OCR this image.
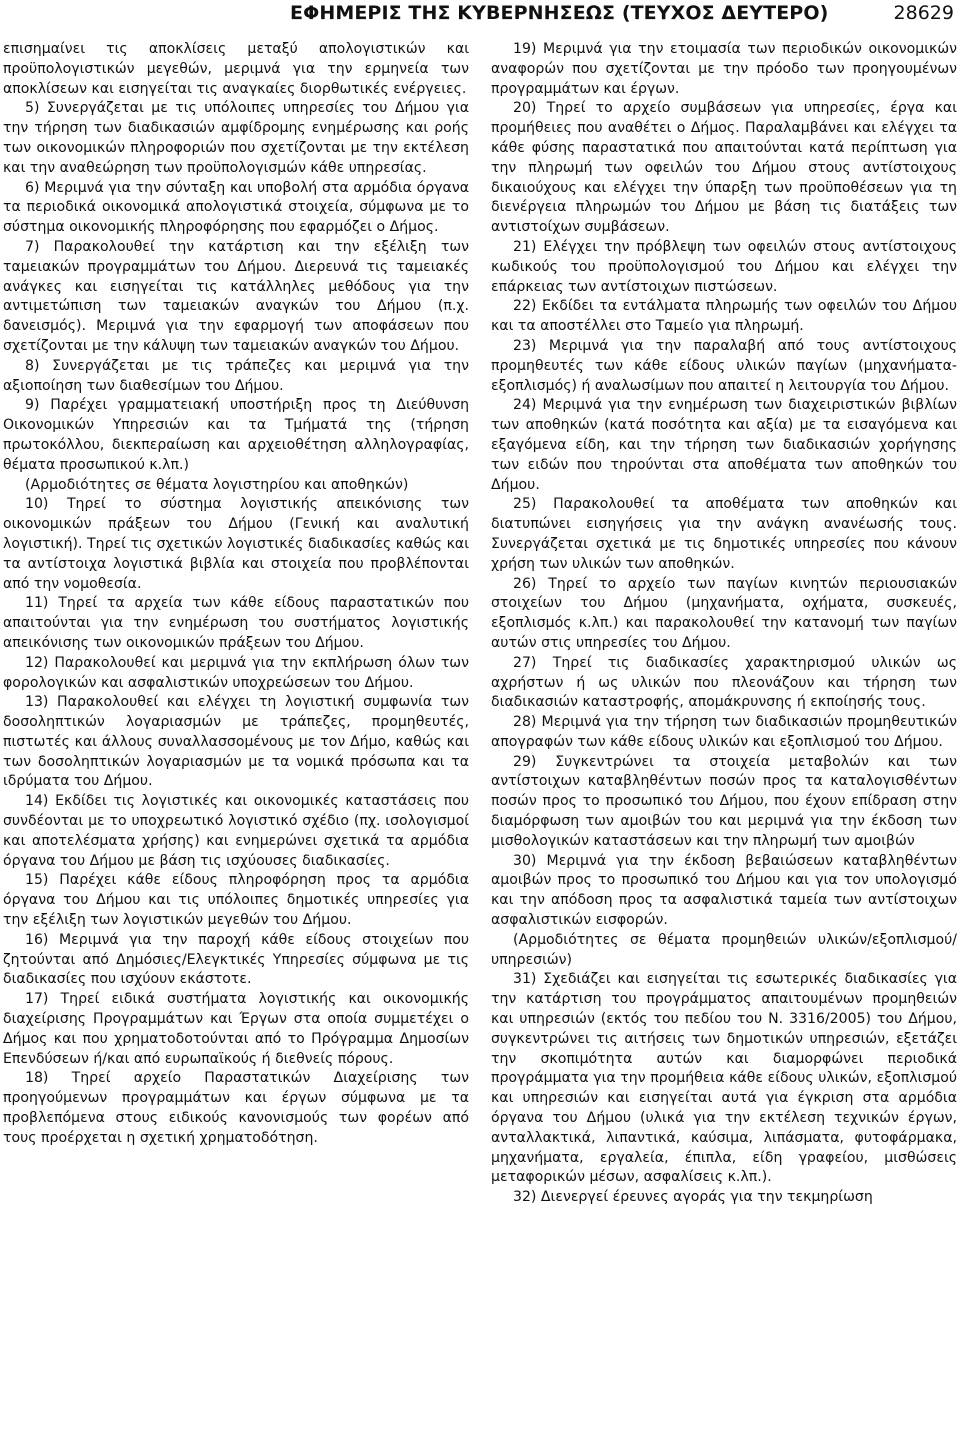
ΕΦΗΜΕΡΙΣ ΤΗΣ ΚΥΒΕΡΝΗΣΕΩΣ (ΤΕΥΧΟΣ ΔΕΥΤΕΡΟ)	28629

επισημαίνει τις αποκλίσεις μεταξύ απολογιστικών και προϋπολογιστικών μεγεθών, μεριμνά για την ερμηνεία των αποκλίσεων και εισηγείται τις αναγκαίες διορθωτικές ενέργειες.

5) Συνεργάζεται με τις υπόλοιπες υπηρεσίες του Δήμου για την τήρηση των διαδικασιών αμφίδρομης ενημέρωσης και ροής των οικονομικών πληροφοριών που σχετίζονται με την εκτέλεση και την αναθεώρηση των προϋπολογισμών κάθε υπηρεσίας.

6) Μεριμνά για την σύνταξη και υποβολή στα αρμόδια όργανα τα περιοδικά οικονομικά απολογιστικά στοιχεία, σύμφωνα με το σύστημα οικονομικής πληροφόρησης που εφαρμόζει ο Δήμος.

7) Παρακολουθεί την κατάρτιση και την εξέλιξη των ταμειακών προγραμμάτων του Δήμου. Διερευνά τις ταμειακές ανάγκες και εισηγείται τις κατάλληλες μεθόδους για την αντιμετώπιση των ταμειακών αναγκών του Δήμου (π.χ. δανεισμός). Μεριμνά για την εφαρμογή των αποφάσεων που σχετίζονται με την κάλυψη των ταμειακών αναγκών του Δήμου.

8) Συνεργάζεται με τις τράπεζες και μεριμνά για την αξιοποίηση των διαθεσίμων του Δήμου.

9) Παρέχει γραμματειακή υποστήριξη προς τη Διεύθυνση Οικονομικών Υπηρεσιών και τα Τμήματά της (τήρηση πρωτοκόλλου, διεκπεραίωση και αρχειοθέτηση αλληλογραφίας, θέματα προσωπικού κ.λπ.)

(Αρμοδιότητες σε θέματα λογιστηρίου και αποθηκών)

10) Τηρεί το σύστημα λογιστικής απεικόνισης των οικονομικών πράξεων του Δήμου (Γενική και αναλυτική λογιστική). Τηρεί τις σχετικών λογιστικές διαδικασίες καθώς και τα αντίστοιχα λογιστικά βιβλία και στοιχεία που προβλέπονται από την νομοθεσία.

11) Τηρεί τα αρχεία των κάθε είδους παραστατικών που απαιτούνται για την ενημέρωση του συστήματος λογιστικής απεικόνισης των οικονομικών πράξεων του Δήμου.

12) Παρακολουθεί και μεριμνά για την εκπλήρωση όλων των φορολογικών και ασφαλιστικών υποχρεώσεων του Δήμου.

13) Παρακολουθεί και ελέγχει τη λογιστική συμφωνία των δοσοληπτικών λογαριασμών με τράπεζες, προμηθευτές, πιστωτές και άλλους συναλλασσομένους με τον Δήμο, καθώς και των δοσοληπτικών λογαριασμών με τα νομικά πρόσωπα και τα ιδρύματα του Δήμου.

14) Εκδίδει τις λογιστικές και οικονομικές καταστάσεις που συνδέονται με το υποχρεωτικό λογιστικό σχέδιο (πχ. ισολογισμοί και αποτελέσματα χρήσης) και ενημερώνει σχετικά τα αρμόδια όργανα του Δήμου με βάση τις ισχύουσες διαδικασίες.

15) Παρέχει κάθε είδους πληροφόρηση προς τα αρμόδια όργανα του Δήμου και τις υπόλοιπες δημοτικές υπηρεσίες για την εξέλιξη των λογιστικών μεγεθών του Δήμου.

16) Μεριμνά για την παροχή κάθε είδους στοιχείων που ζητούνται από Δημόσιες/Ελεγκτικές Υπηρεσίες σύμφωνα με τις διαδικασίες που ισχύουν εκάστοτε.

17) Τηρεί ειδικά συστήματα λογιστικής και οικονομικής διαχείρισης Προγραμμάτων και Έργων στα οποία συμμετέχει ο Δήμος και που χρηματοδοτούνται από το Πρόγραμμα Δημοσίων Επενδύσεων ή/και από ευρωπαϊκούς ή διεθνείς πόρους.

18) Τηρεί αρχείο Παραστατικών Διαχείρισης των προηγούμενων προγραμμάτων και έργων σύμφωνα με τα προβλεπόμενα στους ειδικούς κανονισμούς των φορέων από τους προέρχεται η σχετική χρηματοδότηση.

19) Μεριμνά για την ετοιμασία των περιοδικών οικονομικών αναφορών που σχετίζονται με την πρόοδο των προηγουμένων προγραμμάτων και έργων.

20) Τηρεί το αρχείο συμβάσεων για υπηρεσίες, έργα και προμήθειες που αναθέτει ο Δήμος. Παραλαμβάνει και ελέγχει τα κάθε φύσης παραστατικά που απαιτούνται κατά περίπτωση για την πληρωμή των οφειλών του Δήμου στους αντίστοιχους δικαιούχους και ελέγχει την ύπαρξη των προϋποθέσεων για τη διενέργεια πληρωμών του Δήμου με βάση τις διατάξεις των αντιστοίχων συμβάσεων.

21) Ελέγχει την πρόβλεψη των οφειλών στους αντίστοιχους κωδικούς του προϋπολογισμού του Δήμου και ελέγχει την επάρκειας των αντίστοιχων πιστώσεων.

22) Εκδίδει τα εντάλματα πληρωμής των οφειλών του Δήμου και τα αποστέλλει στο Ταμείο για πληρωμή.

23) Μεριμνά για την παραλαβή από τους αντίστοιχους προμηθευτές των κάθε είδους υλικών παγίων (μηχανήματα-εξοπλισμός) ή αναλωσίμων που απαιτεί η λειτουργία του Δήμου.

24) Μεριμνά για την ενημέρωση των διαχειριστικών βιβλίων των αποθηκών (κατά ποσότητα και αξία) με τα εισαγόμενα και εξαγόμενα είδη, και την τήρηση των διαδικασιών χορήγησης των ειδών που τηρούνται στα αποθέματα των αποθηκών του Δήμου.

25) Παρακολουθεί τα αποθέματα των αποθηκών και διατυπώνει εισηγήσεις για την ανάγκη ανανέωσής τους. Συνεργάζεται σχετικά με τις δημοτικές υπηρεσίες που κάνουν χρήση των υλικών των αποθηκών.

26) Τηρεί το αρχείο των παγίων κινητών περιουσιακών στοιχείων του Δήμου (μηχανήματα, οχήματα, συσκευές, εξοπλισμός κ.λπ.) και παρακολουθεί την κατανομή των παγίων αυτών στις υπηρεσίες του Δήμου.

27) Τηρεί τις διαδικασίες χαρακτηρισμού υλικών ως αχρήστων ή ως υλικών που πλεονάζουν και τήρηση των διαδικασιών καταστροφής, απομάκρυνσης ή εκποίησής τους.

28) Μεριμνά για την τήρηση των διαδικασιών προμηθευτικών απογραφών των κάθε είδους υλικών και εξοπλισμού του Δήμου.

29) Συγκεντρώνει τα στοιχεία μεταβολών και των αντίστοιχων καταβληθέντων ποσών προς τα καταλογισθέντων ποσών προς το προσωπικό του Δήμου, που έχουν επίδραση στην διαμόρφωση των αμοιβών του και μεριμνά για την έκδοση των μισθολογικών καταστάσεων και την πληρωμή των αμοιβών

30) Μεριμνά για την έκδοση βεβαιώσεων καταβληθέντων αμοιβών προς το προσωπικό του Δήμου και για τον υπολογισμό και την απόδοση προς τα ασφαλιστικά ταμεία των αντίστοιχων ασφαλιστικών εισφορών.

(Αρμοδιότητες σε θέματα προμηθειών υλικών/εξοπλισμού/υπηρεσιών)

31) Σχεδιάζει και εισηγείται τις εσωτερικές διαδικασίες για την κατάρτιση του προγράμματος απαιτουμένων προμηθειών και υπηρεσιών (εκτός του πεδίου του Ν. 3316/2005) του Δήμου, συγκεντρώνει τις αιτήσεις των δημοτικών υπηρεσιών, εξετάζει την σκοπιμότητα αυτών και διαμορφώνει περιοδικά προγράμματα για την προμήθεια κάθε είδους υλικών, εξοπλισμού και υπηρεσιών και εισηγείται αυτά για έγκριση στα αρμόδια όργανα του Δήμου (υλικά για την εκτέλεση τεχνικών έργων, ανταλλακτικά, λιπαντικά, καύσιμα, λιπάσματα, φυτοφάρμακα, μηχανήματα, εργαλεία, έπιπλα, είδη γραφείου, μισθώσεις μεταφορικών μέσων, ασφαλίσεις κ.λπ.).

32) Διενεργεί έρευνες αγοράς για την τεκμηρίωση
